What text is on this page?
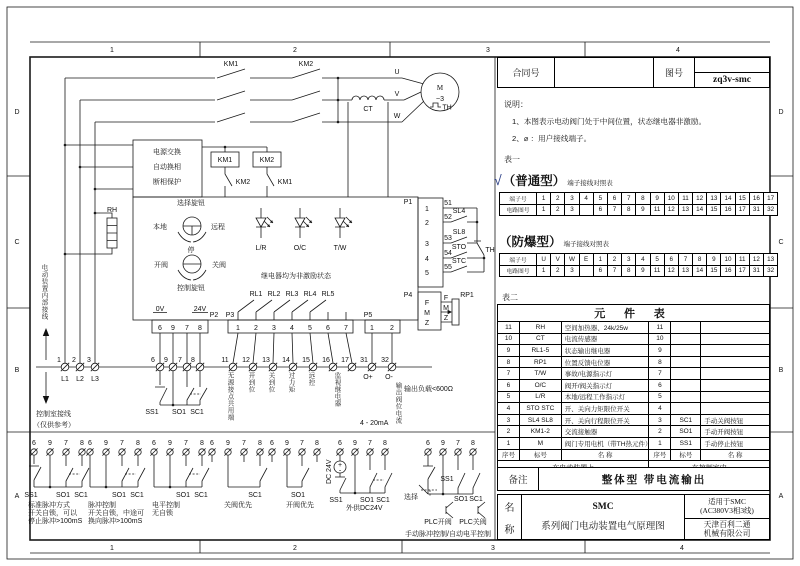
1	2	3	4
1	2	3	4
D
C
B
A
D
C
B
A
KM1	KM2
电源交换
自动换相
断相保护
KM1	KM2
KM2	KM1
RH
U
V
W
M
~3
TH
CT
选择旋钮
本地	远程
停
开阀	关阀
控制旋钮
L/R	O/C	T/W
继电器均为非激励状态
RL1 RL2 RL3 RL4 RL5
P1
1
2
3
4
5
51
52
53
54
55
SL4
SL8
STO
STC
TH
P4
F
M
Z
F
M
Z
RP1
P2 P3	P5
0V	24V
6 9 7 8	1 2 3 4 5 6 7	1 2
1 2 3
L1 L2 L3
6 9 7 8	11 12 13 14 15 16 17 31 32
O+ O-
4 - 20mA
输出负载<600Ω
SS1 SO1 SC1
控制室接线
（仅供参考）
6 9 7 8
SS1	SO1 SC1
标准脉冲方式
开关自锁，可以
停止脉冲>100mS
6 9 7 8
SO1 SC1
脉冲控制
开关自锁，中途可
换向脉冲>100mS
6 9 7 8
SO1 SC1
电平控制
无自锁
6 9 7 8
SC1
关阀优先
6 9 7 8
SO1
开阀优先
6 9 7 8
+
-
SS1 SO1 SC1
外供DC24V
DC 24V
6 9 7 8
SS1
选择	SO1 SC1
PLC开阀 PLC关阀
手动脉冲控制/自动电平控制
无源接点共用端 开到位 关到位 过力矩 远控	监视继电器	输出阀位电流
电动装置内部接线
合同号	图号
zq3v-smc
说明：
1、本图表示电动阀门处于中间位置，状态继电器非激励。
2、⌀ ：用户接线端子。
表一
√ （普通型） 端子接线对照表
端子号	1	2	3	4	5	6	7	8	9	10	11	12	13	14	15	16	17
电路图号	1	2	3		6	7	8	9	11	12	13	14	15	16	17	31	32
（防爆型） 端子接线对照表
端子号	U	V	W	E	1	2	3	4	5	6	7	8	9	10	11	12	13
电路图号	1	2	3		6	7	8	9	11	12	13	14	15	16	17	31	32
表二
元 件 表					
11	RH	空间加热器、24k/25w	11		
10	CT	电流传感器	10		
9	RL1-5	状态输出继电器	9		
8	RP1	位置反馈电位器	8		
7	T/W	事故/电源指示灯	7		
6	O/C	阀开/阀关指示灯	6		
5	L/R	本地/远程工作指示灯	5		
4	STO STC	开、关向力矩限位开关	4		
3	SL4 SL8	开、关向行程限位开关	3	SC1	手动关阀按钮
2	KM1-2	交流接触器	2	SO1	手动开阀按钮
1	M	阀门专用电机（带TH热元件）	1	SS1	手动停止按钮
序号	标号	名 称	序号	标号	名 称

备注	整体型 带电流输出
名
称
SMC
系列阀门电动装置电气原理图
适用于SMC
(AC380V3相3线)
天津百利二通
机械有限公司
